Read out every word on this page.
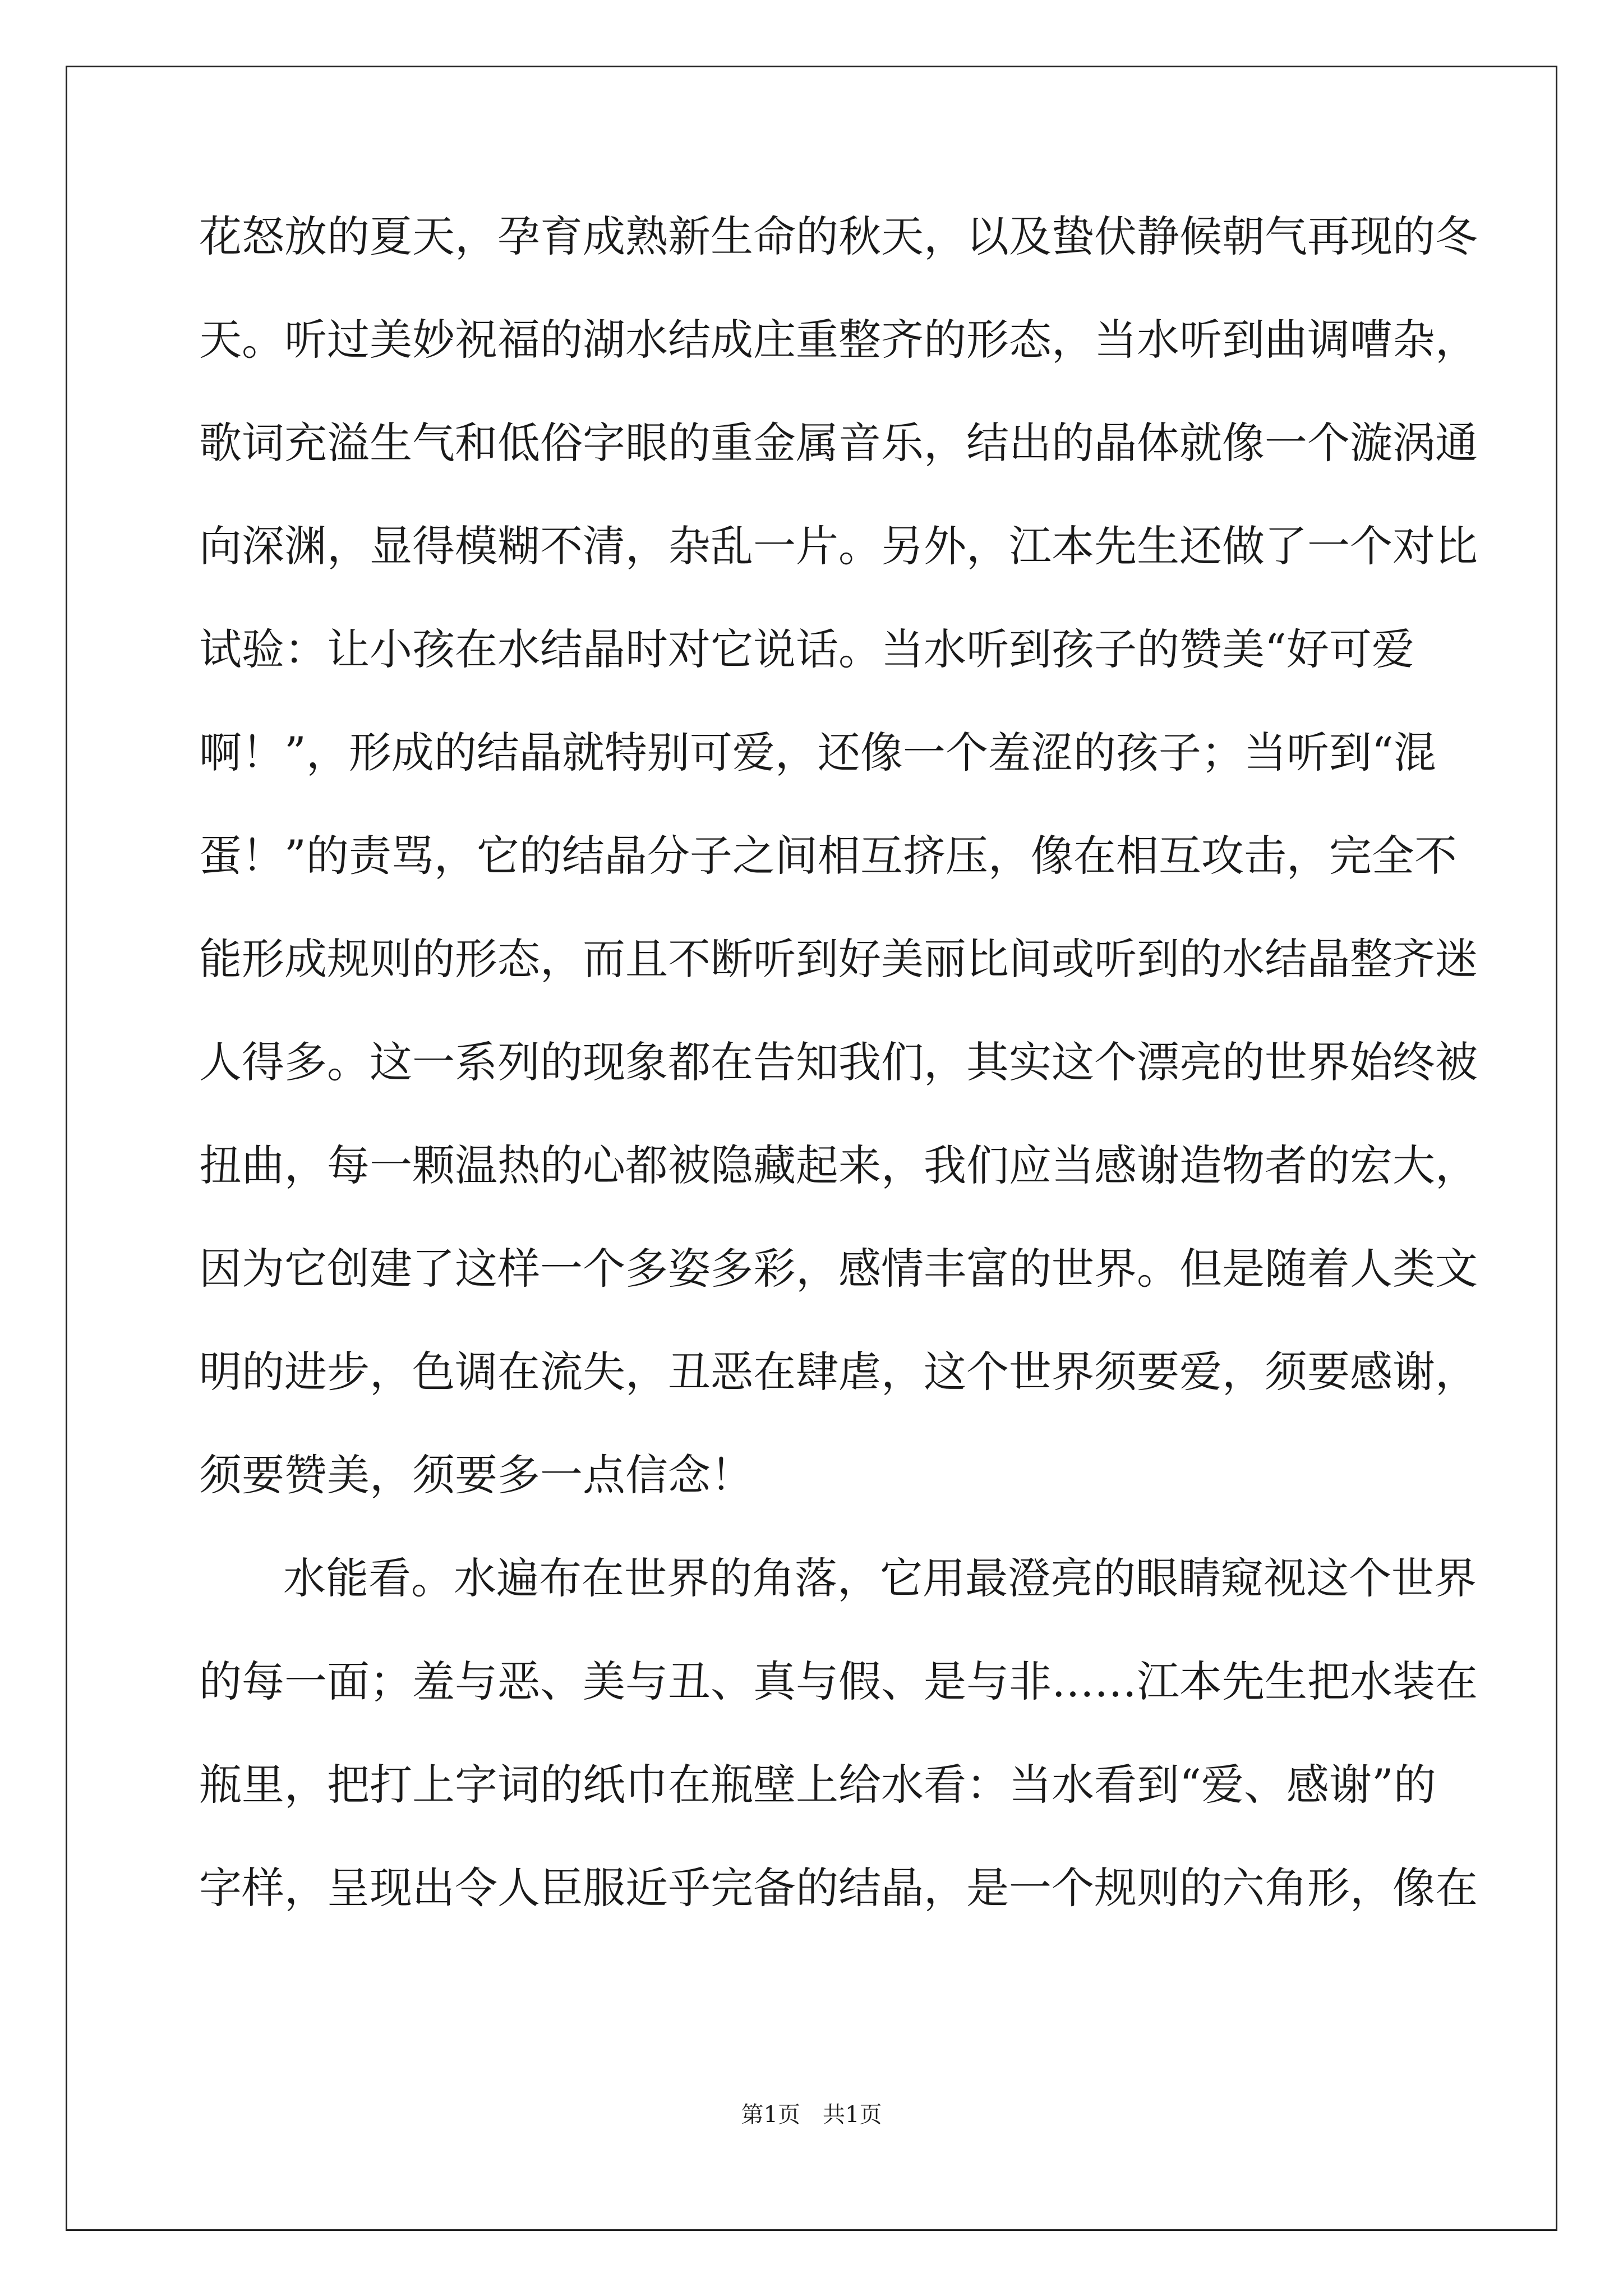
花怒放的夏天，孕育成熟新生命的秋天，以及蛰伏静候朝气再现的冬
天。听过美妙祝福的湖水结成庄重整齐的形态，当水听到曲调嘈杂，
歌词充溢生气和低俗字眼的重金属音乐，结出的晶体就像一个漩涡通
向深渊，显得模糊不清，杂乱一片。另外，江本先生还做了一个对比
试验：让小孩在水结晶时对它说话。当水听到孩子的赞美“好可爱
啊！”，形成的结晶就特别可爱，还像一个羞涩的孩子；当听到“混
蛋！”的责骂，它的结晶分子之间相互挤压，像在相互攻击，完全不
能形成规则的形态，而且不断听到好美丽比间或听到的水结晶整齐迷
人得多。这一系列的现象都在告知我们，其实这个漂亮的世界始终被
扭曲，每一颗温热的心都被隐藏起来，我们应当感谢造物者的宏大，
因为它创建了这样一个多姿多彩，感情丰富的世界。但是随着人类文
明的进步，色调在流失，丑恶在肆虐，这个世界须要爱，须要感谢，
须要赞美，须要多一点信念！
水能看。水遍布在世界的角落，它用最澄亮的眼睛窥视这个世界
的每一面；羞与恶、美与丑、真与假、是与非……江本先生把水装在
瓶里，把打上字词的纸巾在瓶壁上给水看：当水看到“爱、感谢”的
字样，呈现出令人臣服近乎完备的结晶，是一个规则的六角形，像在
第1页 共1页
